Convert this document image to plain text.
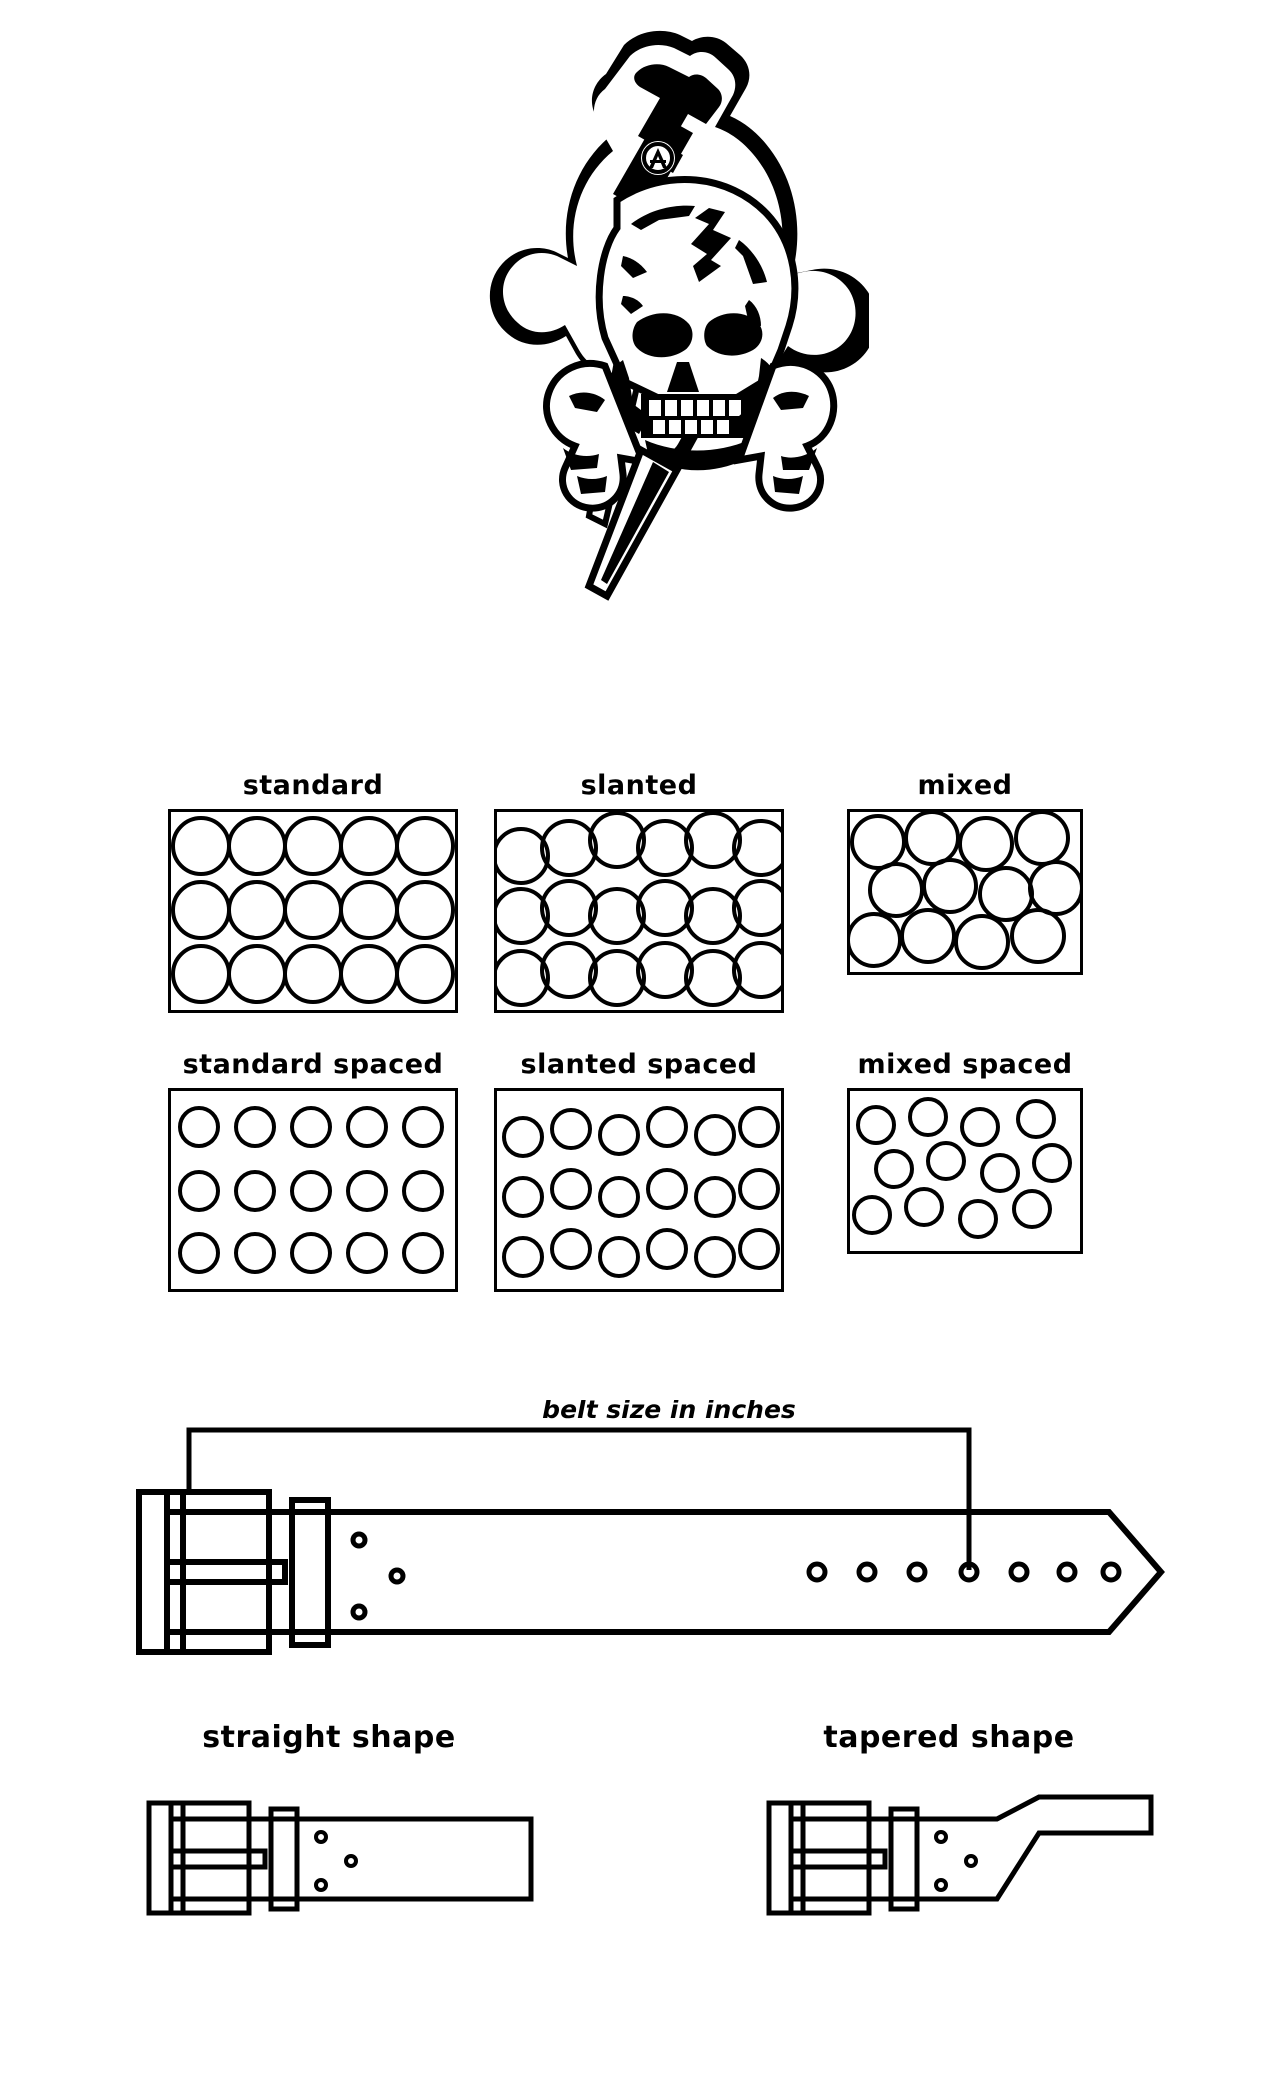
standard	slanted	mixed
standard spaced	slanted spaced	mixed spaced
belt size in inches
straight shape	tapered shape
